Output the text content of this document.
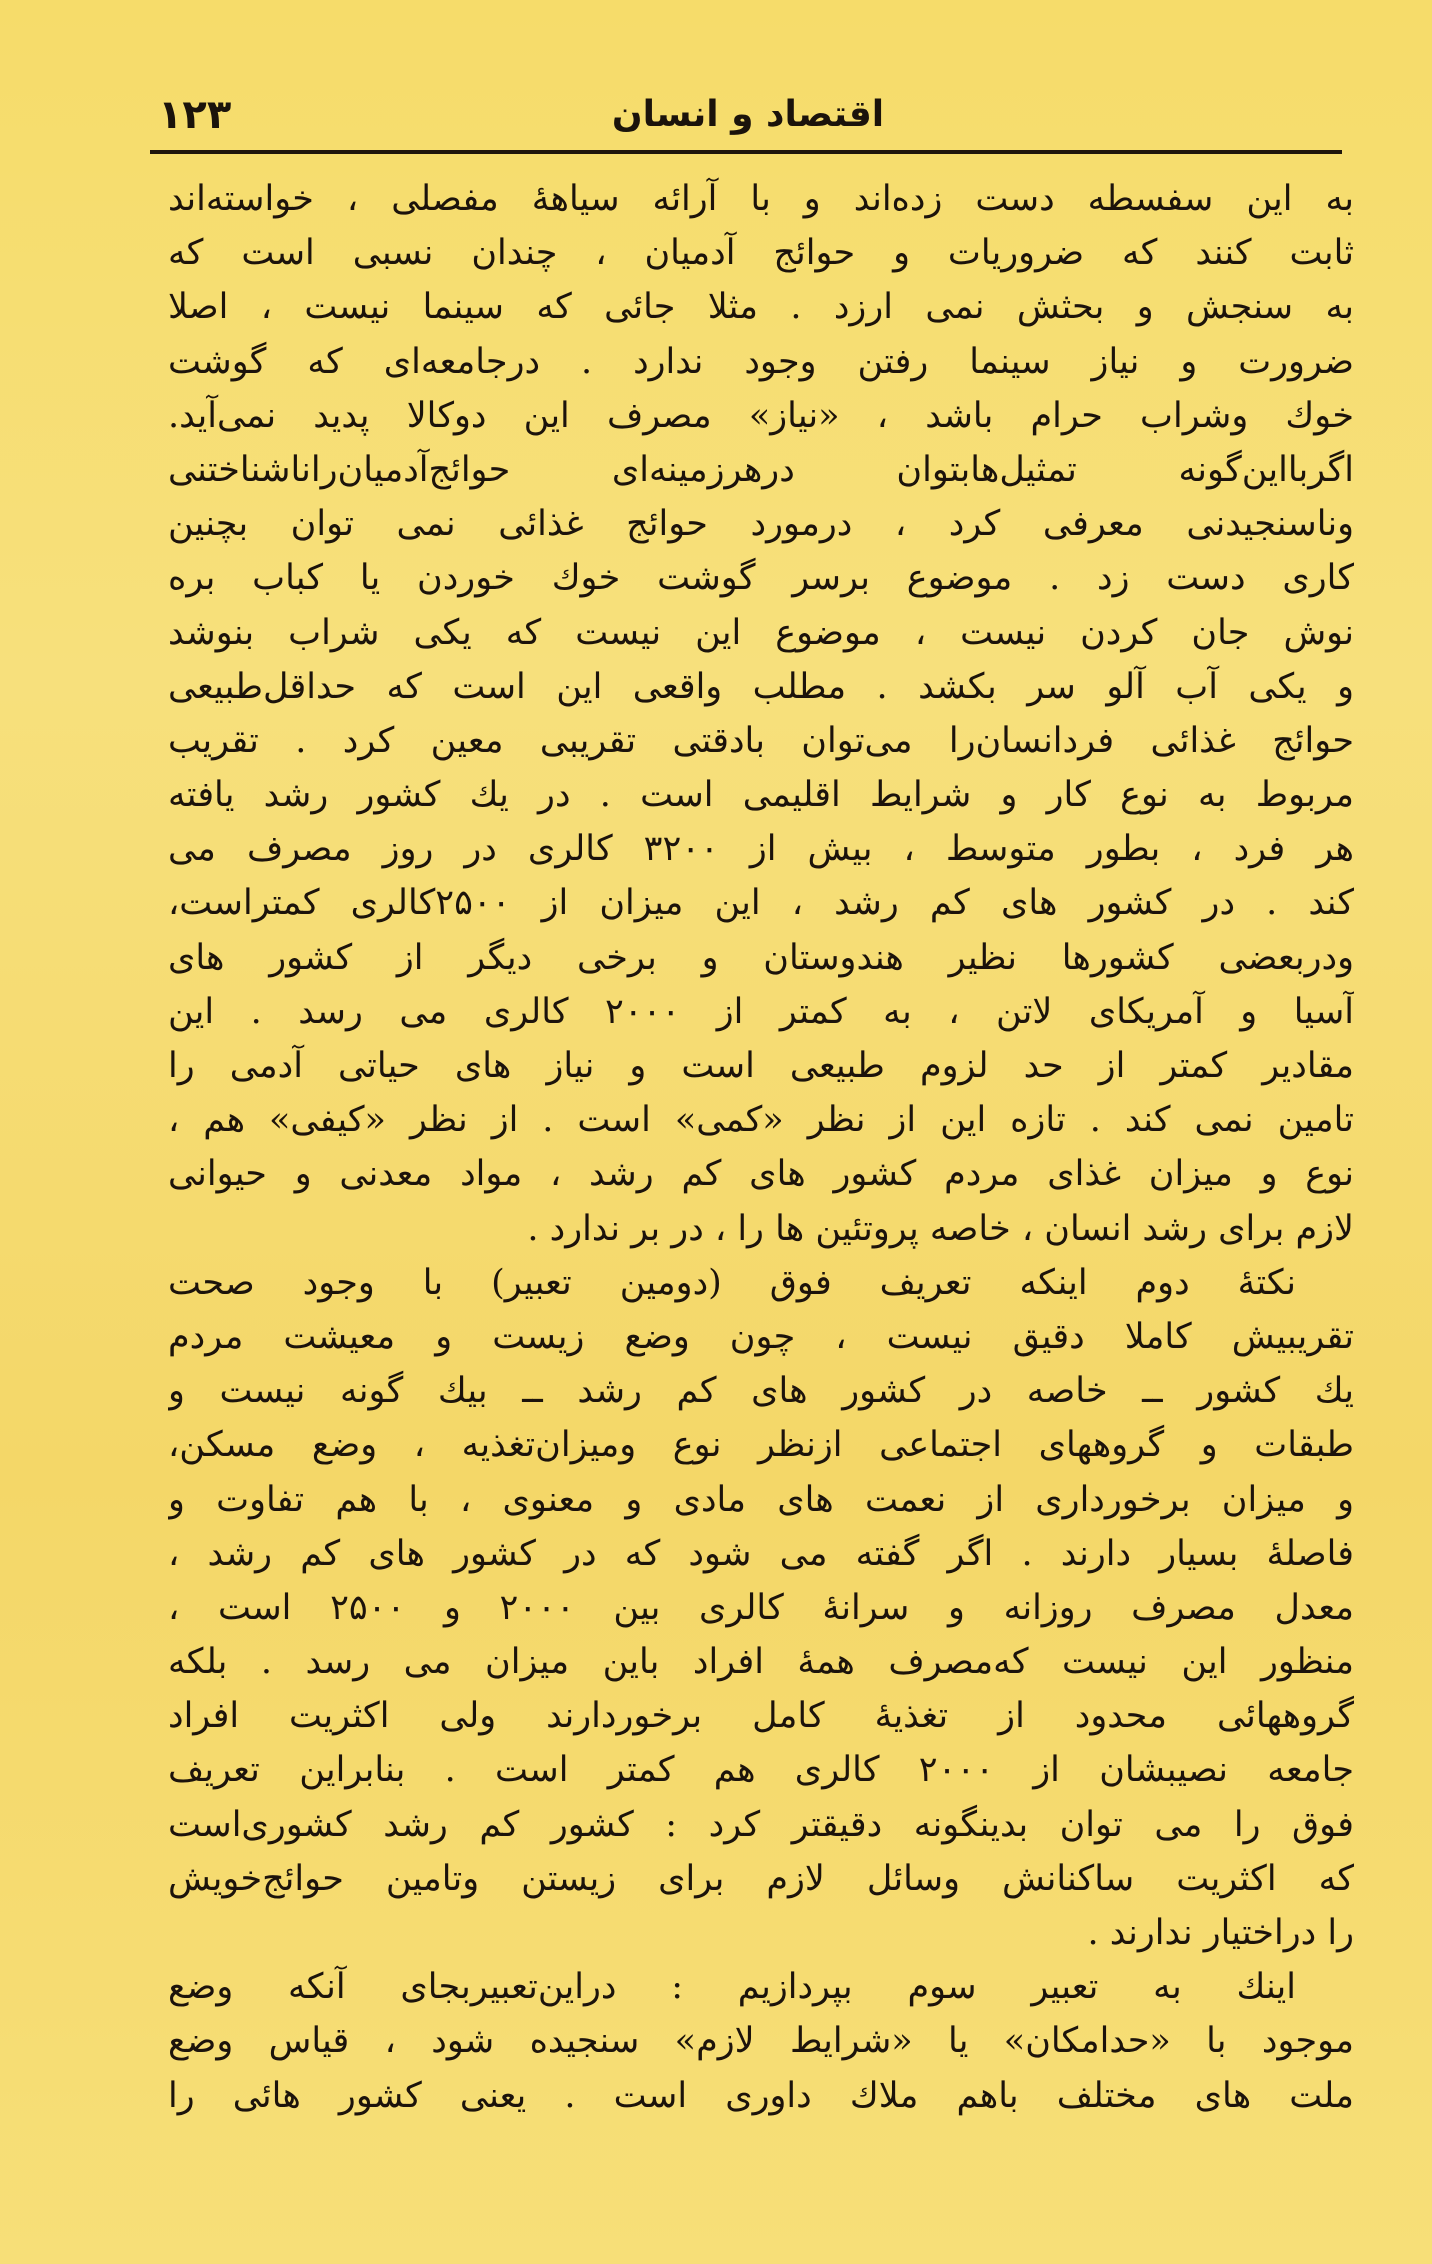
۱۲۳	اقتصاد و انسان
به این سفسطه دست زده‌اند و با آرائه سیاههٔ مفصلی ، خواسته‌اند
ثابت کنند که ضروریات و حوائج آدمیان ، چندان نسبی است که
به سنجش و بحثش نمی ارزد . مثلا جائی که سینما نیست ، اصلا
ضرورت و نیاز سینما رفتن وجود ندارد . درجامعه‌ای که گوشت
خوك وشراب حرام باشد ، «نیاز» مصرف این دوکالا پدید نمی‌آید.
اگربااین‌گونه تمثیل‌هابتوان درهرزمینه‌ای حوائج‌آدمیان‌راناشناختنی
وناسنجیدنی معرفی کرد ، درمورد حوائج غذائی نمی توان بچنین
کاری دست زد . موضوع برسر گوشت خوك خوردن یا کباب بره
نوش جان کردن نیست ، موضوع این نیست که یکی شراب بنوشد
و یکی آب آلو سر بکشد . مطلب واقعی این است که حداقل‌طبیعی
حوائج غذائی فردانسان‌را می‌توان بادقتی تقریبی معین کرد . تقریب
مربوط به نوع کار و شرایط اقلیمی است . در یك کشور رشد یافته
هر فرد ، بطور متوسط ، بیش از ۳۲۰۰ کالری در روز مصرف می
کند . در کشور های کم رشد ، این میزان از ۲۵۰۰کالری کمتراست،
ودربعضی کشورها نظیر هندوستان و برخی دیگر از کشور های
آسیا و آمریکای لاتن ، به کمتر از ۲۰۰۰ کالری می رسد . این
مقادیر کمتر از حد لزوم طبیعی است و نیاز های حیاتی آدمی را
تامین نمی کند . تازه این از نظر «کمی» است . از نظر «کیفی» هم ،
نوع و میزان غذای مردم کشور های کم رشد ، مواد معدنی و حیوانی
لازم برای رشد انسان ، خاصه پروتئین ها را ، در بر ندارد .
نکتهٔ دوم اینکه تعریف فوق (دومین تعبیر) با وجود صحت
تقریبیش کاملا دقیق نیست ، چون وضع زیست و معیشت مردم
یك کشور ــ خاصه در کشور های کم رشد ــ بیك گونه نیست و
طبقات و گروههای اجتماعی ازنظر نوع ومیزان‌تغذیه ، وضع مسکن،
و میزان برخورداری از نعمت های مادی و معنوی ، با هم تفاوت و
فاصلهٔ بسیار دارند . اگر گفته می شود که در کشور های کم رشد ،
معدل مصرف روزانه و سرانهٔ کالری بین ۲۰۰۰ و ۲۵۰۰ است ،
منظور این نیست که‌مصرف همهٔ افراد باین میزان می رسد . بلکه
گروههائی محدود از تغذیهٔ کامل برخوردارند ولی اکثریت افراد
جامعه نصیبشان از ۲۰۰۰ کالری هم کمتر است . بنابراین تعریف
فوق را می توان بدینگونه دقیقتر کرد : کشور کم رشد کشوری‌است
که اکثریت ساکنانش وسائل لازم برای زیستن وتامین حوائج‌خویش
را دراختیار ندارند .
اینك به تعبیر سوم بپردازیم : دراین‌تعبیربجای آنکه وضع
موجود با «حدامکان» یا «شرایط لازم» سنجیده شود ، قیاس وضع
ملت های مختلف باهم ملاك داوری است . یعنی کشور هائی را
